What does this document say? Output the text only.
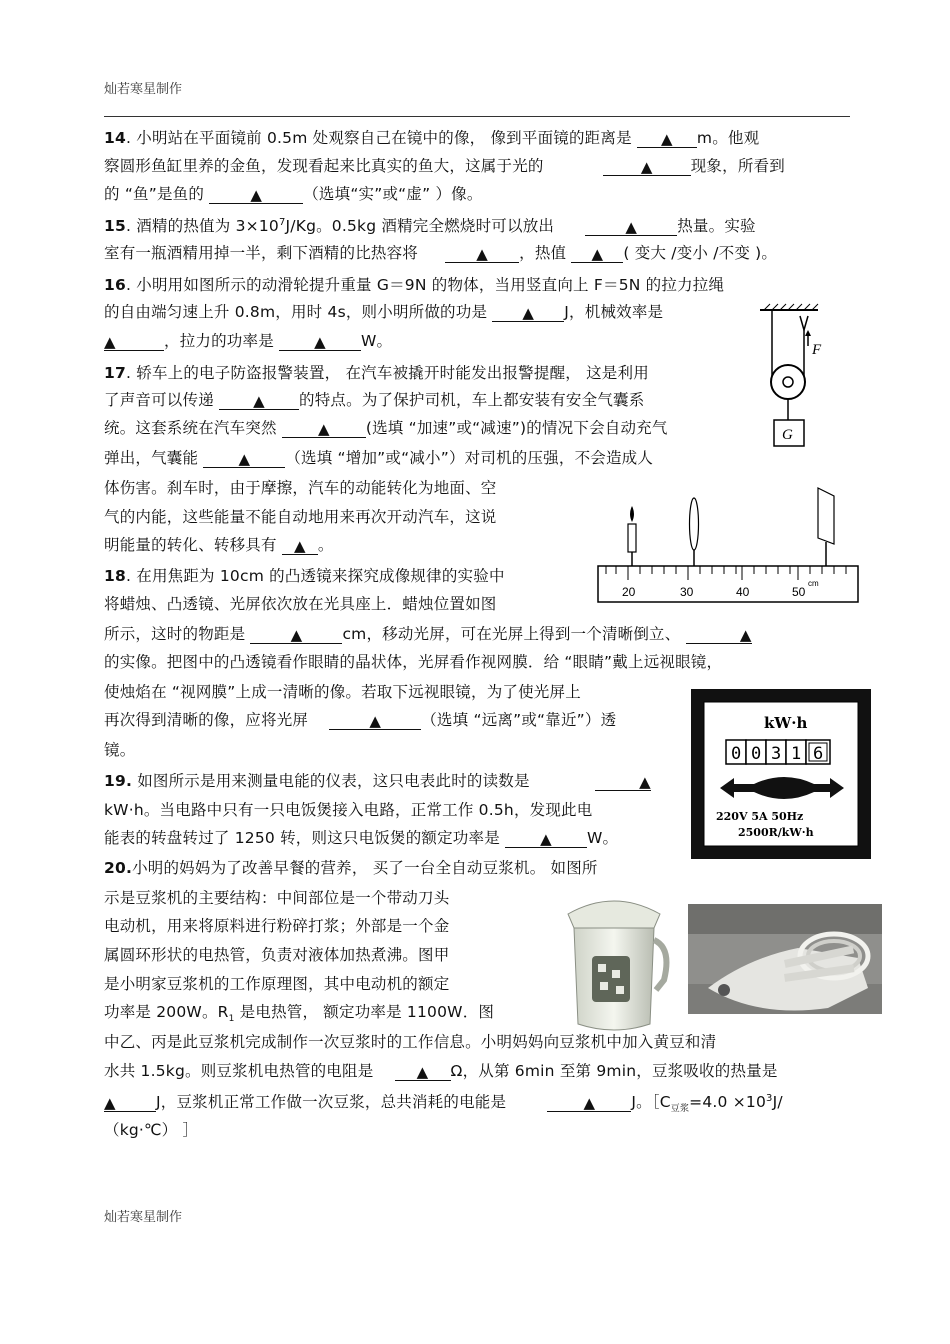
灿若寒星制作
14. 小明站在平面镜前 0.5m 处观察自己在镜中的像， 像到平面镜的距离是 ▲ m。他观
察圆形鱼缸里养的金鱼，发现看起来比真实的鱼大，这属于光的	▲ 现象，所看到
的 “鱼”是鱼的	▲	（选填“实”或“虚” ）像。
15. 酒精的热值为 $3\times 10^7J/Kg$。0.5kg 酒精完全燃烧时可以放出	▲	热量。实验
室有一瓶酒精用掉一半，剩下酒精的比热容将	▲ ，热值 ▲ ( 变大 /变小 /不变 )。
16. 小明用如图所示的动滑轮提升重量 G＝9N 的物体，当用竖直向上 F＝5N 的拉力拉绳
的自由端匀速上升 0.8m，用时 4s，则小明所做的功是 ▲ J，机械效率是
▲	，拉力的功率是 ▲ W。
17. 轿车上的电子防盗报警装置， 在汽车被撬开时能发出报警提醒， 这是利用
了声音可以传递 ▲ 的特点。为了保护司机，车上都安装有安全气囊系
统。这套系统在汽车突然 ▲ (选填 “加速”或“减速”)的情况下会自动充气
弹出，气囊能 ▲ （选填 “增加”或“减小”）对司机的压强，不会造成人
体伤害。刹车时，由于摩擦，汽车的动能转化为地面、空
气的内能，这些能量不能自动地用来再次开动汽车，这说
明能量的转化、转移具有 ▲ 。
18. 在用焦距为 10cm 的凸透镜来探究成像规律的实验中
将蜡烛、凸透镜、光屏依次放在光具座上．蜡烛位置如图
所示，这时的物距是	▲	cm，移动光屏，可在光屏上得到一个清晰倒立、	▲
的实像。把图中的凸透镜看作眼睛的晶状体，光屏看作视网膜．给 “眼睛”戴上远视眼镜，
使烛焰在 “视网膜”上成一清晰的像。若取下远视眼镜，为了使光屏上
再次得到清晰的像，应将光屏	▲	（选填 “远离”或“靠近”）透
镜。
19. 如图所示是用来测量电能的仪表，这只电表此时的读数是	▲
kW·h。当电路中只有一只电饭煲接入电路，正常工作 0.5h，发现此电
能表的转盘转过了 1250 转，则这只电饭煲的额定功率是 ▲ W。
20.小明的妈妈为了改善早餐的营养， 买了一台全自动豆浆机。 如图所
示是豆浆机的主要结构：中间部位是一个带动刀头
电动机，用来将原料进行粉碎打浆；外部是一个金
属圆环形状的电热管，负责对液体加热煮沸。图甲
是小明家豆浆机的工作原理图，其中电动机的额定
功率是 200W。$R_1$ 是电热管， 额定功率是 1100W．图
中乙、丙是此豆浆机完成制作一次豆浆时的工作信息。小明妈妈向豆浆机中加入黄豆和清
水共 1.5kg。则豆浆机电热管的电阻是	▲ Ω，从第 6min 至第 9min，豆浆吸收的热量是
▲	J，豆浆机正常工作做一次豆浆，总共消耗的电能是	▲ J。$[C_{豆浆}=4.0 \times 10^3J/$
（kg·℃） ］
F
G
20	30	40	50
cm
kW·h
0 0 3 1 6
220V 5A 50Hz
2500R/kW·h
灿若寒星制作
